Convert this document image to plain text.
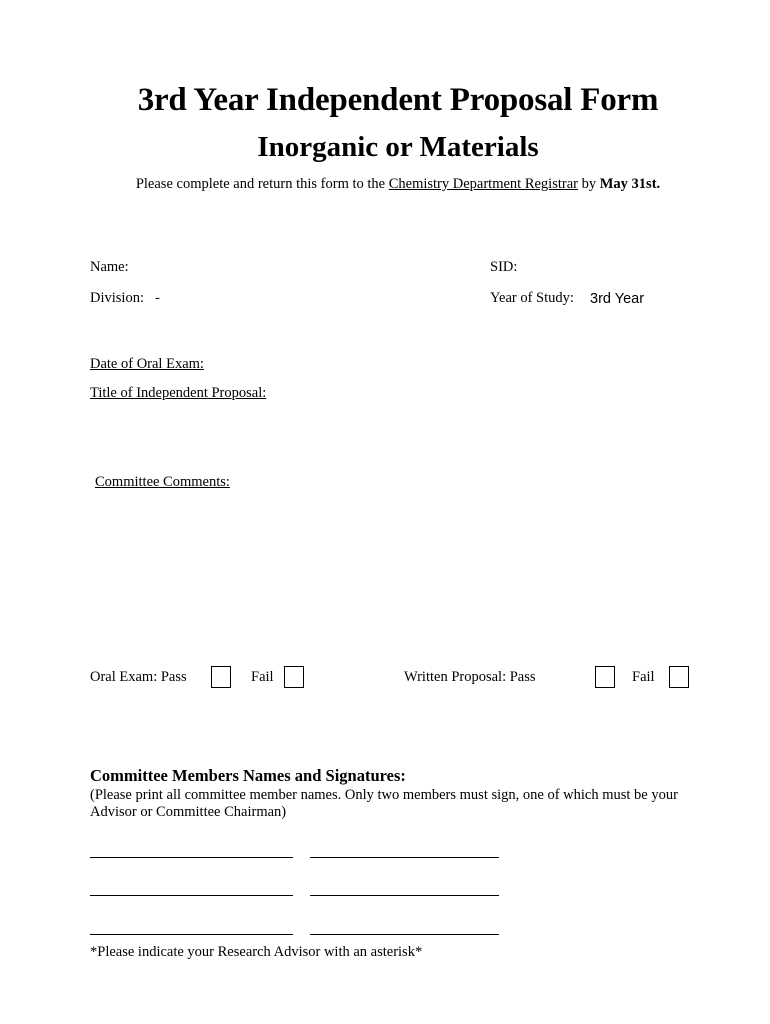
3rd Year Independent Proposal Form
Inorganic or Materials
Please complete and return this form to the Chemistry Department Registrar by May 31st.
Name:
Division: -
SID:
Year of Study: 3rd Year
Date of Oral Exam:
Title of Independent Proposal:
Committee Comments:
Oral Exam: Pass	Fail	Written Proposal: Pass	Fail
Committee Members Names and Signatures:
(Please print all committee member names. Only two members must sign, one of which must be your Advisor or Committee Chairman)
*Please indicate your Research Advisor with an asterisk*
